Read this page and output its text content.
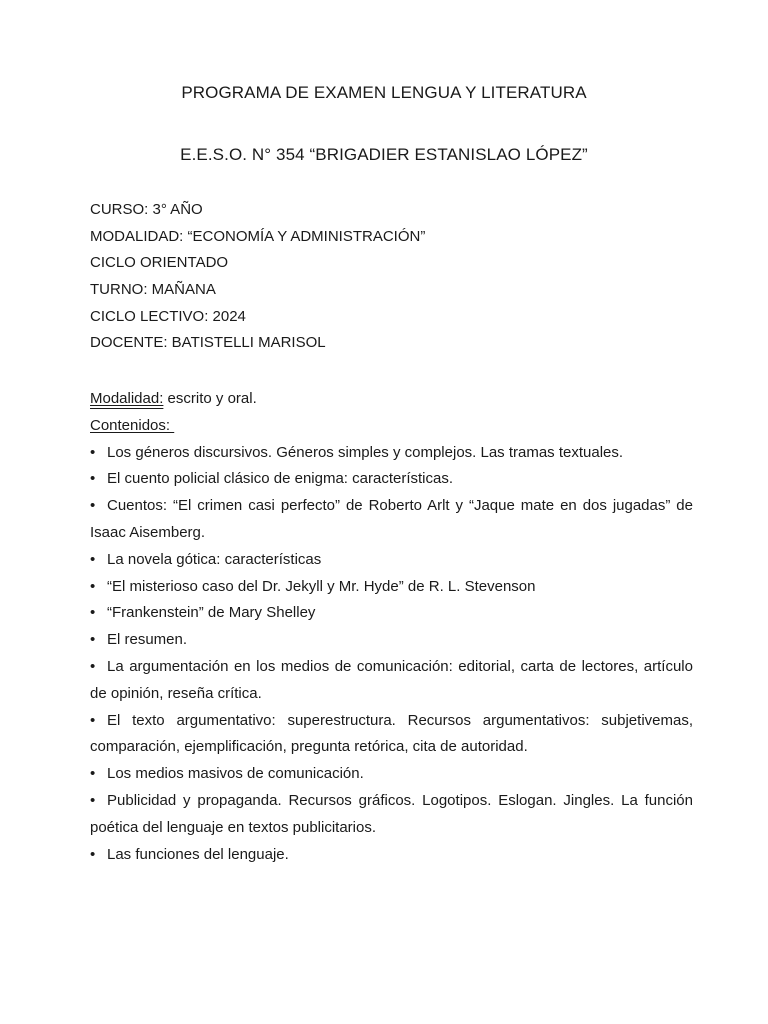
PROGRAMA DE EXAMEN LENGUA Y LITERATURA
E.E.S.O. N° 354 “BRIGADIER ESTANISLAO LÓPEZ”
CURSO: 3° AÑO
MODALIDAD: “ECONOMÍA Y ADMINISTRACIÓN”
CICLO ORIENTADO
TURNO: MAÑANA
CICLO LECTIVO: 2024
DOCENTE: BATISTELLI MARISOL

Modalidad: escrito y oral.

Contenidos:

• Los géneros discursivos. Géneros simples y complejos. Las tramas textuales.
• El cuento policial clásico de enigma: características.
• Cuentos: “El crimen casi perfecto” de Roberto Arlt y “Jaque mate en dos jugadas” de Isaac Aisemberg.
• La novela gótica: características
• “El misterioso caso del Dr. Jekyll y Mr. Hyde” de R. L. Stevenson
• “Frankenstein” de Mary Shelley
• El resumen.
• La argumentación en los medios de comunicación: editorial, carta de lectores, artículo de opinión, reseña crítica.
• El texto argumentativo: superestructura. Recursos argumentativos: subjetivemas, comparación, ejemplificación, pregunta retórica, cita de autoridad.
• Los medios masivos de comunicación.
• Publicidad y propaganda. Recursos gráficos. Logotipos. Eslogan. Jingles. La función poética del lenguaje en textos publicitarios.
• Las funciones del lenguaje.
